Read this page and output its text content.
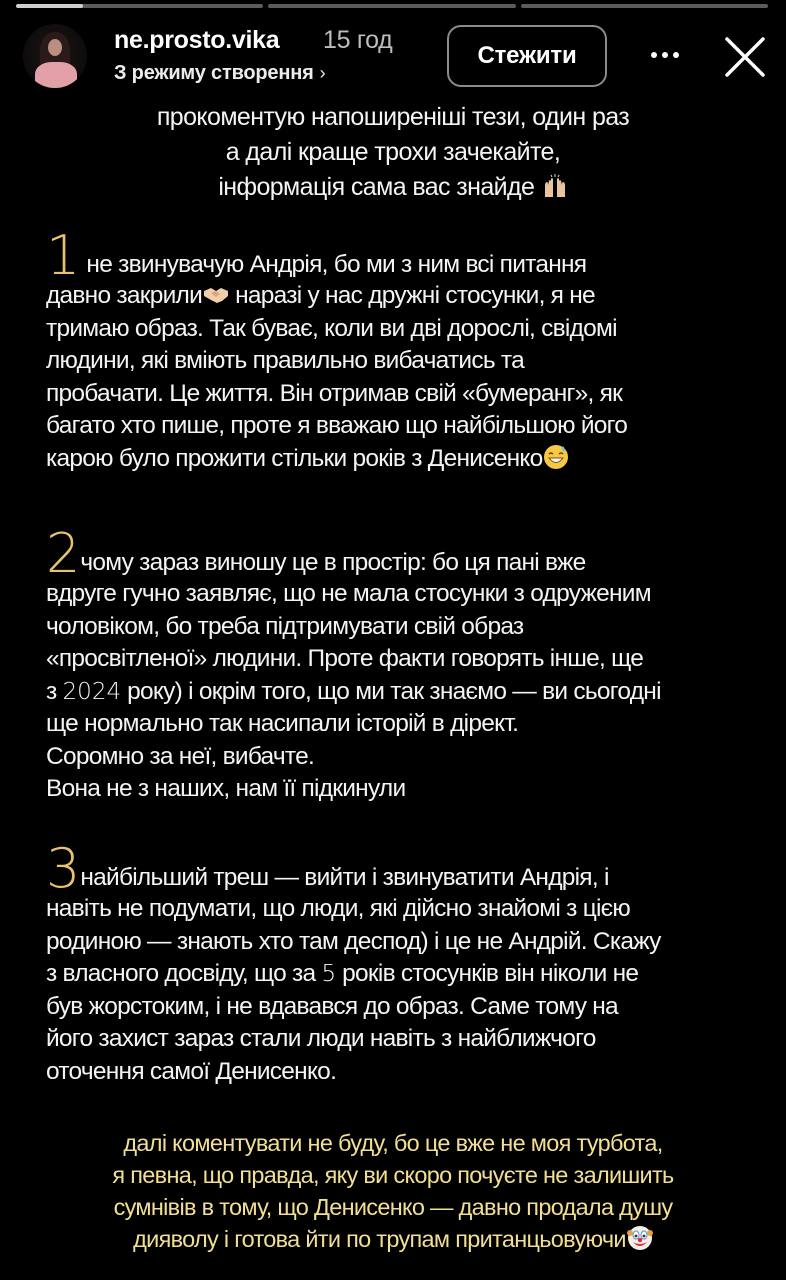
ne.prosto.vika 15 год
З режиму створення ›
Стежити
прокоментую напоширеніші тези, один раз
а далі краще трохи зачекайте,
інформація сама вас знайде
1 не звинувачую Андрія, бо ми з ним всі питання
давно закрили наразі у нас дружні стосунки, я не
тримаю образ. Так буває, коли ви дві дорослі, свідомі
людини, які вміють правильно вибачатись та
пробачати. Це життя. Він отримав свій «бумеранг», як
багато хто пише, проте я вважаю що найбільшою його
карою було прожити стільки років з Денисенко
2чому зараз виношу це в простір: бо ця пані вже
вдруге гучно заявляє, що не мала стосунки з одруженим
чоловіком, бо треба підтримувати свій образ
«просвітленої» людини. Проте факти говорять інше, ще
з 2024 року) і окрім того, що ми так знаємо — ви сьогодні
ще нормально так насипали історій в дірект.
Соромно за неї, вибачте.
Вона не з наших, нам її підкинули
3найбільший треш — вийти і звинуватити Андрія, і
навіть не подумати, що люди, які дійсно знайомі з цією
родиною — знають хто там деспод) і це не Андрій. Скажу
з власного досвіду, що за 5 років стосунків він ніколи не
був жорстоким, і не вдавався до образ. Саме тому на
його захист зараз стали люди навіть з найближчого
оточення самої Денисенко.
далі коментувати не буду, бо це вже не моя турбота,
я певна, що правда, яку ви скоро почуєте не залишить
сумнівів в тому, що Денисенко — давно продала душу
дияволу і готова йти по трупам пританцьовуючи
